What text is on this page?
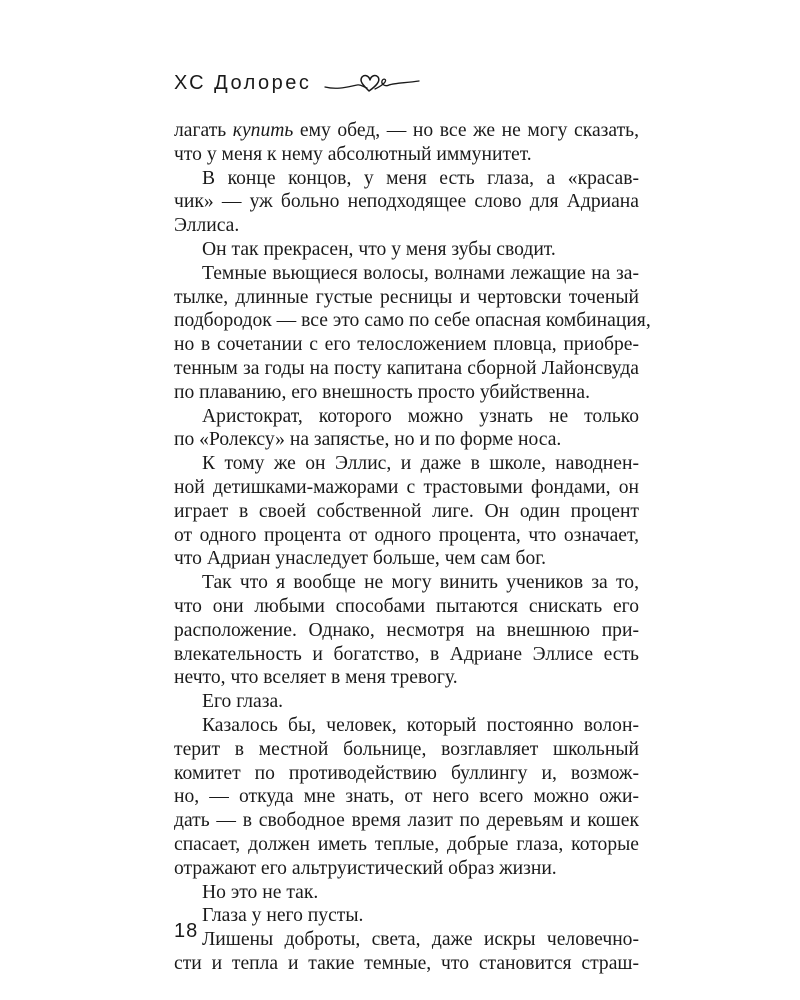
ХС Долорес

лагать купить ему обед, — но все же не могу сказать,

что у меня к нему абсолютный иммунитет.

В конце концов, у меня есть глаза, а «красав-

чик» — уж больно неподходящее слово для Адриана

Эллиса.

Он так прекрасен, что у меня зубы сводит.

Темные вьющиеся волосы, волнами лежащие на за-

тылке, длинные густые ресницы и чертовски точеный

подбородок — все это само по себе опасная комбинация,

но в сочетании с его телосложением пловца, приобре-

тенным за годы на посту капитана сборной Лайонсвуда

по плаванию, его внешность просто убийственна.

Аристократ, которого можно узнать не только

по «Ролексу» на запястье, но и по форме носа.

К тому же он Эллис, и даже в школе, наводнен-

ной детишками-мажорами с трастовыми фондами, он

играет в своей собственной лиге. Он один процент

от одного процента от одного процента, что означает,

что Адриан унаследует больше, чем сам бог.

Так что я вообще не могу винить учеников за то,

что они любыми способами пытаются снискать его

расположение. Однако, несмотря на внешнюю при-

влекательность и богатство, в Адриане Эллисе есть

нечто, что вселяет в меня тревогу.

Его глаза.

Казалось бы, человек, который постоянно волон-

терит в местной больнице, возглавляет школьный

комитет по противодействию буллингу и, возмож-

но, — откуда мне знать, от него всего можно ожи-

дать — в свободное время лазит по деревьям и кошек

спасает, должен иметь теплые, добрые глаза, которые

отражают его альтруистический образ жизни.

Но это не так.

Глаза у него пусты.

Лишены доброты, света, даже искры человечно-

сти и тепла и такие темные, что становится страш-

18
